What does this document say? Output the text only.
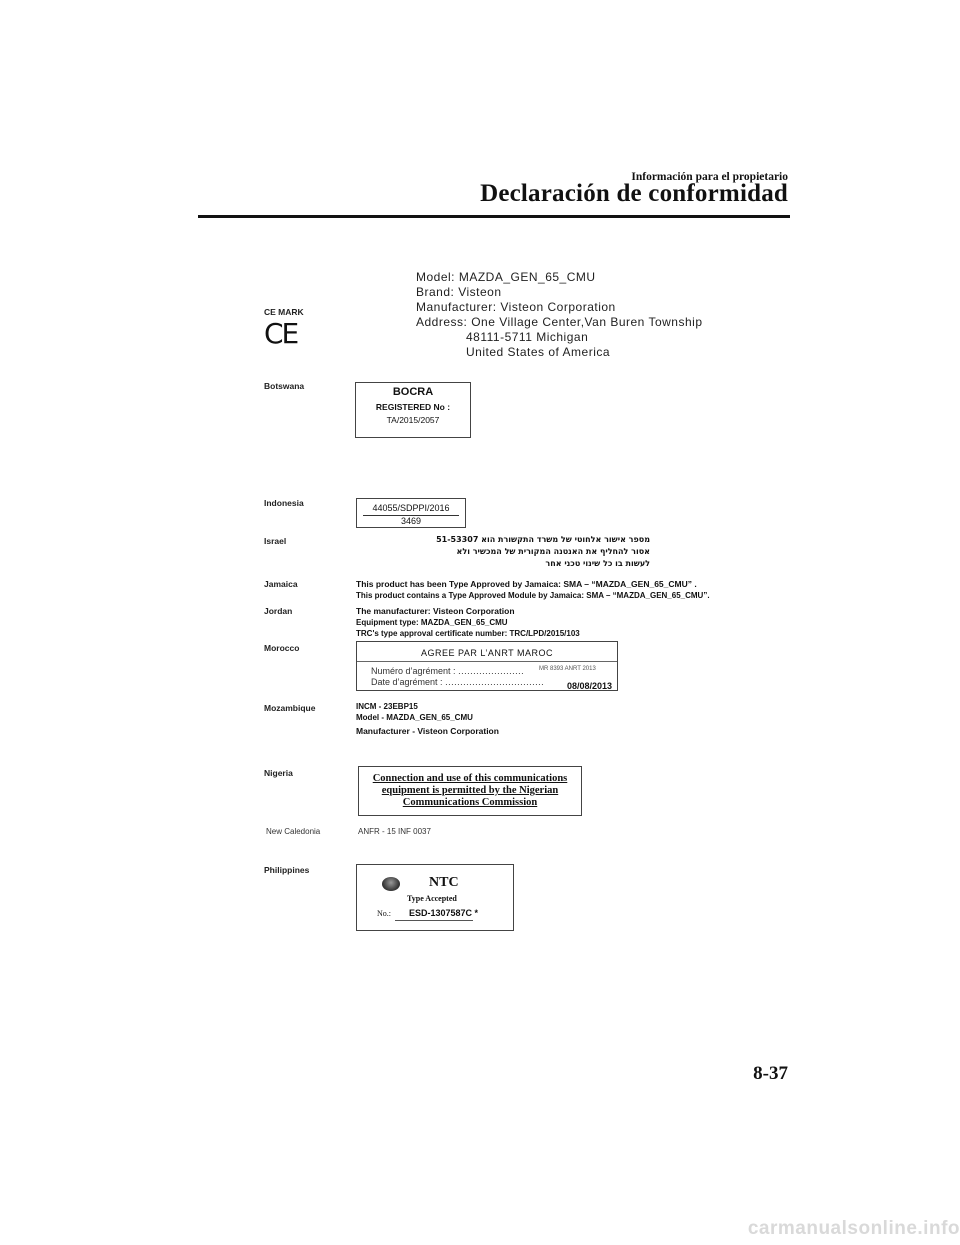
Información para el propietario
Declaración de conformidad
CE MARK
CE
Model: MAZDA_GEN_65_CMU
Brand: Visteon
Manufacturer: Visteon Corporation
Address: One Village Center,Van Buren Township
48111-5711 Michigan
United States of America
Botswana	BOCRA
REGISTERED No :
TA/2015/2057
Indonesia	44055/SDPPI/2016
3469
Israel	מספר אישור אלחוטי של משרד התקשורת הוא 51-53307
אסור להחליף את האנטנה המקורית של המכשיר ולא
לעשות בו כל שינוי טכני אחר
Jamaica	This product has been Type Approved by Jamaica: SMA – “MAZDA_GEN_65_CMU” .
This product contains a Type Approved Module by Jamaica: SMA – “MAZDA_GEN_65_CMU”.
Jordan	The manufacturer: Visteon Corporation
Equipment type: MAZDA_GEN_65_CMU
TRC's type approval certificate number: TRC/LPD/2015/103
Morocco	AGREE PAR L’ANRT MAROC
Numéro d’agrément : ...................... MR 8393 ANRT 2013
Date d’agrément : .................................	08/08/2013
Mozambique	INCM - 23EBP15
Model - MAZDA_GEN_65_CMU
Manufacturer - Visteon Corporation
Nigeria	Connection and use of this communications
equipment is permitted by the Nigerian
Communications Commission
New Caledonia	ANFR - 15 INF 0037
Philippines
NTC
Type Accepted
No.: ESD-1307587C *
8-37
carmanualsonline.info
